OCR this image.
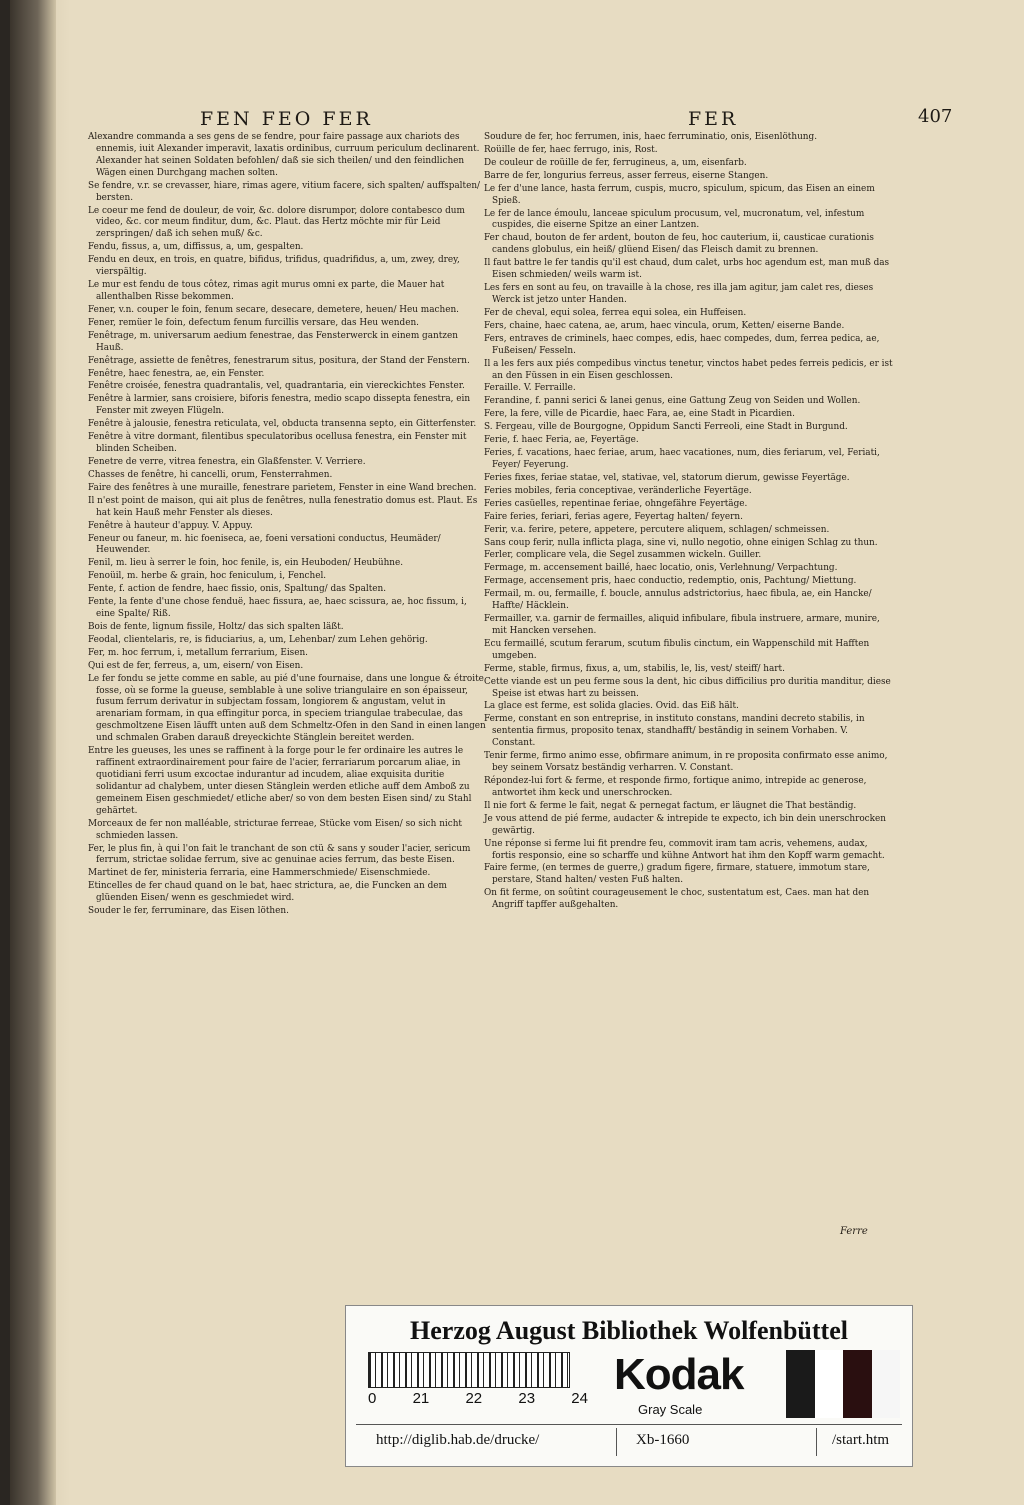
FEN FEO FER	FER	407

Alexandre commanda a ses gens de se fendre, pour faire passage aux chariots des ennemis, iuit Alexander imperavit, laxatis ordinibus, curruum periculum declinarent. Alexander hat seinen Soldaten befohlen/ daß sie sich theilen/ und den feindlichen Wägen einen Durchgang machen solten.

Se fendre, v.r. se crevasser, hiare, rimas agere, vitium facere, sich spalten/ auffspalten/ bersten.

Le coeur me fend de douleur, de voir, &c. dolore disrumpor, dolore contabesco dum video, &c. cor meum finditur, dum, &c. Plaut. das Hertz möchte mir für Leid zerspringen/ daß ich sehen muß/ &c.

Fendu, fissus, a, um, diffissus, a, um, gespalten.

Fendu en deux, en trois, en quatre, bifidus, trifidus, quadrifidus, a, um, zwey, drey, vierspältig.

Le mur est fendu de tous côtez, rimas agit murus omni ex parte, die Mauer hat allenthalben Risse bekommen.

Fener, v.n. couper le foin, fenum secare, desecare, demetere, heuen/ Heu machen.

Fener, remüer le foin, defectum fenum furcillis versare, das Heu wenden.

Fenêtrage, m. universarum aedium fenestrae, das Fensterwerck in einem gantzen Hauß.

Fenêtrage, assiette de fenêtres, fenestrarum situs, positura, der Stand der Fenstern.

Fenêtre, haec fenestra, ae, ein Fenster.

Fenêtre croisée, fenestra quadrantalis, vel, quadrantaria, ein viereckichtes Fenster.

Fenêtre à larmier, sans croisiere, biforis fenestra, medio scapo dissepta fenestra, ein Fenster mit zweyen Flügeln.

Fenêtre à jalousie, fenestra reticulata, vel, obducta transenna septo, ein Gitterfenster.

Fenêtre à vitre dormant, filentibus speculatoribus ocellusa fenestra, ein Fenster mit blinden Scheiben.

Fenetre de verre, vitrea fenestra, ein Glaßfenster. V. Verriere.

Chasses de fenêtre, hi cancelli, orum, Fensterrahmen.

Faire des fenêtres à une muraille, fenestrare parietem, Fenster in eine Wand brechen.

Il n'est point de maison, qui ait plus de fenêtres, nulla fenestratio domus est. Plaut. Es hat kein Hauß mehr Fenster als dieses.

Fenêtre à hauteur d'appuy. V. Appuy.

Feneur ou faneur, m. hic foeniseca, ae, foeni versationi conductus, Heumäder/ Heuwender.

Fenil, m. lieu à serrer le foin, hoc fenile, is, ein Heuboden/ Heubühne.

Fenoüil, m. herbe & grain, hoc feniculum, i, Fenchel.

Fente, f. action de fendre, haec fissio, onis, Spaltung/ das Spalten.

Fente, la fente d'une chose fenduë, haec fissura, ae, haec scissura, ae, hoc fissum, i, eine Spalte/ Riß.

Bois de fente, lignum fissile, Holtz/ das sich spalten läßt.

Feodal, clientelaris, re, is fiduciarius, a, um, Lehenbar/ zum Lehen gehörig.

Fer, m. hoc ferrum, i, metallum ferrarium, Eisen.

Qui est de fer, ferreus, a, um, eisern/ von Eisen.

Le fer fondu se jette comme en sable, au pié d'une fournaise, dans une longue & étroite fosse, où se forme la gueuse, semblable à une solive triangulaire en son épaisseur, fusum ferrum derivatur in subjectam fossam, longiorem & angustam, velut in arenariam formam, in qua effingitur porca, in speciem triangulae trabeculae, das geschmoltzene Eisen läufft unten auß dem Schmeltz-Ofen in den Sand in einen langen und schmalen Graben darauß dreyeckichte Stänglein bereitet werden.

Entre les gueuses, les unes se raffinent à la forge pour le fer ordinaire les autres le raffinent extraordinairement pour faire de l'acier, ferrariarum porcarum aliae, in quotidiani ferri usum excoctae indurantur ad incudem, aliae exquisita duritie solidantur ad chalybem, unter diesen Stänglein werden etliche auff dem Amboß zu gemeinem Eisen geschmiedet/ etliche aber/ so von dem besten Eisen sind/ zu Stahl gehärtet.

Morceaux de fer non malléable, stricturae ferreae, Stücke vom Eisen/ so sich nicht schmieden lassen.

Fer, le plus fin, à qui l'on fait le tranchant de son ctü & sans y souder l'acier, sericum ferrum, strictae solidae ferrum, sive ac genuinae acies ferrum, das beste Eisen.

Martinet de fer, ministeria ferraria, eine Hammerschmiede/ Eisenschmiede.

Etincelles de fer chaud quand on le bat, haec strictura, ae, die Funcken an dem glüenden Eisen/ wenn es geschmiedet wird.

Souder le fer, ferruminare, das Eisen löthen.

Soudure de fer, hoc ferrumen, inis, haec ferruminatio, onis, Eisenlöthung.

Roüille de fer, haec ferrugo, inis, Rost.

De couleur de roüille de fer, ferrugineus, a, um, eisenfarb.

Barre de fer, longurius ferreus, asser ferreus, eiserne Stangen.

Le fer d'une lance, hasta ferrum, cuspis, mucro, spiculum, spicum, das Eisen an einem Spieß.

Le fer de lance émoulu, lanceae spiculum procusum, vel, mucronatum, vel, infestum cuspides, die eiserne Spitze an einer Lantzen.

Fer chaud, bouton de fer ardent, bouton de feu, hoc cauterium, ii, causticae curationis candens globulus, ein heiß/ glüend Eisen/ das Fleisch damit zu brennen.

Il faut battre le fer tandis qu'il est chaud, dum calet, urbs hoc agendum est, man muß das Eisen schmieden/ weils warm ist.

Les fers en sont au feu, on travaille à la chose, res illa jam agitur, jam calet res, dieses Werck ist jetzo unter Handen.

Fer de cheval, equi solea, ferrea equi solea, ein Huffeisen.

Fers, chaine, haec catena, ae, arum, haec vincula, orum, Ketten/ eiserne Bande.

Fers, entraves de criminels, haec compes, edis, haec compedes, dum, ferrea pedica, ae, Fußeisen/ Fesseln.

Il a les fers aux piés compedibus vinctus tenetur, vinctos habet pedes ferreis pedicis, er ist an den Füssen in ein Eisen geschlossen.

Feraille. V. Ferraille.

Ferandine, f. panni serici & lanei genus, eine Gattung Zeug von Seiden und Wollen.

Fere, la fere, ville de Picardie, haec Fara, ae, eine Stadt in Picardien.

S. Fergeau, ville de Bourgogne, Oppidum Sancti Ferreoli, eine Stadt in Burgund.

Ferie, f. haec Feria, ae, Feyertäge.

Feries, f. vacations, haec feriae, arum, haec vacationes, num, dies feriarum, vel, Feriati, Feyer/ Feyerung.

Feries fixes, feriae statae, vel, stativae, vel, statorum dierum, gewisse Feyertäge.

Feries mobiles, feria conceptivae, veränderliche Feyertäge.

Feries casüelles, repentinae feriae, ohngefähre Feyertäge.

Faire feries, feriari, ferias agere, Feyertag halten/ feyern.

Ferir, v.a. ferire, petere, appetere, percutere aliquem, schlagen/ schmeissen.

Sans coup ferir, nulla inflicta plaga, sine vi, nullo negotio, ohne einigen Schlag zu thun.

Ferler, complicare vela, die Segel zusammen wickeln. Guiller.

Fermage, m. accensement baillé, haec locatio, onis, Verlehnung/ Verpachtung.

Fermage, accensement pris, haec conductio, redemptio, onis, Pachtung/ Miettung.

Fermail, m. ou, fermaille, f. boucle, annulus adstrictorius, haec fibula, ae, ein Hancke/ Haffte/ Häcklein.

Fermailler, v.a. garnir de fermailles, aliquid infibulare, fibula instruere, armare, munire, mit Hancken versehen.

Ecu fermaillé, scutum ferarum, scutum fibulis cinctum, ein Wappenschild mit Hafften umgeben.

Ferme, stable, firmus, fixus, a, um, stabilis, le, lis, vest/ steiff/ hart.

Cette viande est un peu ferme sous la dent, hic cibus difficilius pro duritia manditur, diese Speise ist etwas hart zu beissen.

La glace est ferme, est solida glacies. Ovid. das Eiß hält.

Ferme, constant en son entreprise, in instituto constans, mandini decreto stabilis, in sententia firmus, proposito tenax, standhafft/ beständig in seinem Vorhaben. V. Constant.

Tenir ferme, firmo animo esse, obfirmare animum, in re proposita confirmato esse animo, bey seinem Vorsatz beständig verharren. V. Constant.

Répondez-lui fort & ferme, et responde firmo, fortique animo, intrepide ac generose, antwortet ihm keck und unerschrocken.

Il nie fort & ferme le fait, negat & pernegat factum, er läugnet die That beständig.

Je vous attend de pié ferme, audacter & intrepide te expecto, ich bin dein unerschrocken gewärtig.

Une réponse si ferme lui fit prendre feu, commovit iram tam acris, vehemens, audax, fortis responsio, eine so scharffe und kühne Antwort hat ihm den Kopff warm gemacht.

Faire ferme, (en termes de guerre,) gradum figere, firmare, statuere, immotum stare, perstare, Stand halten/ vesten Fuß halten.

On fit ferme, on soûtint courageusement le choc, sustentatum est, Caes. man hat den Angriff tapffer außgehalten.

Ferre
Herzog August Bibliothek Wolfenbüttel
0 21 22 23 24 Kodak
Gray Scale
http://diglib.hab.de/drucke/	Xb-1660	/start.htm
